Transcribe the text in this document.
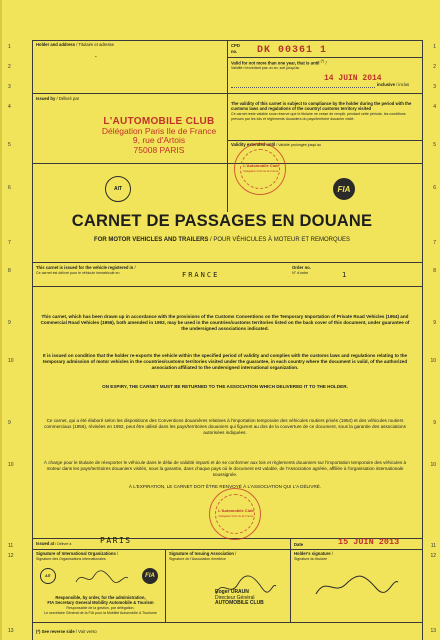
1	1
2	2
3	3
4	4
5	5
6	6
7	7
8	8
9	9
10	10
9	9
10	10
11	11
12	12
13	13
Holder and address / Titulaire et adresse
‑
CPD
no. DK 00361 1
Valid for not more than one year, that is until (*) /
Validité n'excédant pas un an, soit jusqu'au
14 JUIN 2014
inclusive / inclus
Issued by / Délivré par
The validity of this carnet is subject to compliance by the holder during the period with the customs laws and regulations of the country/ customs territory visited
Ce carnet reste valable sous réserve que le titulaire ne cesse de remplir, pendant cette période, les conditions prévues par les lois et règlements douaniers du pays/territoire douanier visité.
Validity extended until / Validité prolongée jusqu'au
L'AUTOMOBILE CLUB
Délégation Paris Ile de France
9, rue d'Artois
75008 PARIS
L'Automobile Club
Délégation Paris Ile de France
AIT	FIA
CARNET DE PASSAGES EN DOUANE
FOR MOTOR VEHICLES AND TRAILERS / POUR VÉHICULES À MOTEUR ET REMORQUES
This carnet is issued for the vehicle registered in /
Ce carnet est délivré pour le véhicule immatriculé en	FRANCE
Order no.
N° d'ordre	1
This carnet, which has been drawn up in accordance with the provisions of the Customs Conventions on the Temporary Importation of Private Road Vehicles (1954) and Commercial Road Vehicles (1956), both amended in 1992, may be used in the countries/customs territories listed on the back cover of this document, under guarantee of the undersigned associations indicated.
It is issued on condition that the holder re-exports the vehicle within the specified period of validity and complies with the customs laws and regulations relating to the temporary admission of motor vehicles in the countries/customs territories visited under the guarantee, in each country where the document is valid, of the authorized association affiliated to the undersigned international organization.
ON EXPIRY, THE CARNET MUST BE RETURNED TO THE ASSOCIATION WHICH DELIVERED IT TO THE HOLDER.
Ce carnet, qui a été élaboré selon les dispositions des Conventions douanières relatives à l'importation temporaire des véhicules routiers privés (1954) et des véhicules routiers commerciaux (1956), révisées en 1992, peut être utilisé dans les pays/territoires douaniers qui figurent au dos de la couverture de ce document, sous la garantie des associations autorisées indiquées.
À charge pour le titulaire de réexporter le véhicule dans le délai de validité imparti et de se conformer aux lois et règlements douaniers sur l'importation temporaire des véhicules à moteur dans les pays/territoires douaniers visités, sous la garantie, dans chaque pays où le document est valable, de l'Association agréée, affiliée à l'organisation internationale soussignée.
À L'EXPIRATION, LE CARNET DOIT ÊTRE RENVOYÉ À L'ASSOCIATION QUI L'A DÉLIVRÉ.
L'Automobile Club
Délégation Paris Ile de France
Issued at / Délivré à	PARIS	Date	15 JUIN 2013
Signature of International Organizations /
Signature des Organisations internationales
Signature of Issuing Association /
Signature de l'Association émettrice
Holder's signature /
Signature du titulaire
AIT	FIA
Responsible, by order, for the administration,
FIA Secretary General Mobility Automobile & Tourism
Responsable de la gestion, par délégation,
Le secrétaire Général de la FIA pour la Mobilité Automobile & Tourisme
Roger URAUN
Directeur Général
AUTOMOBILE CLUB
(*) See reverse side / Voir verso
